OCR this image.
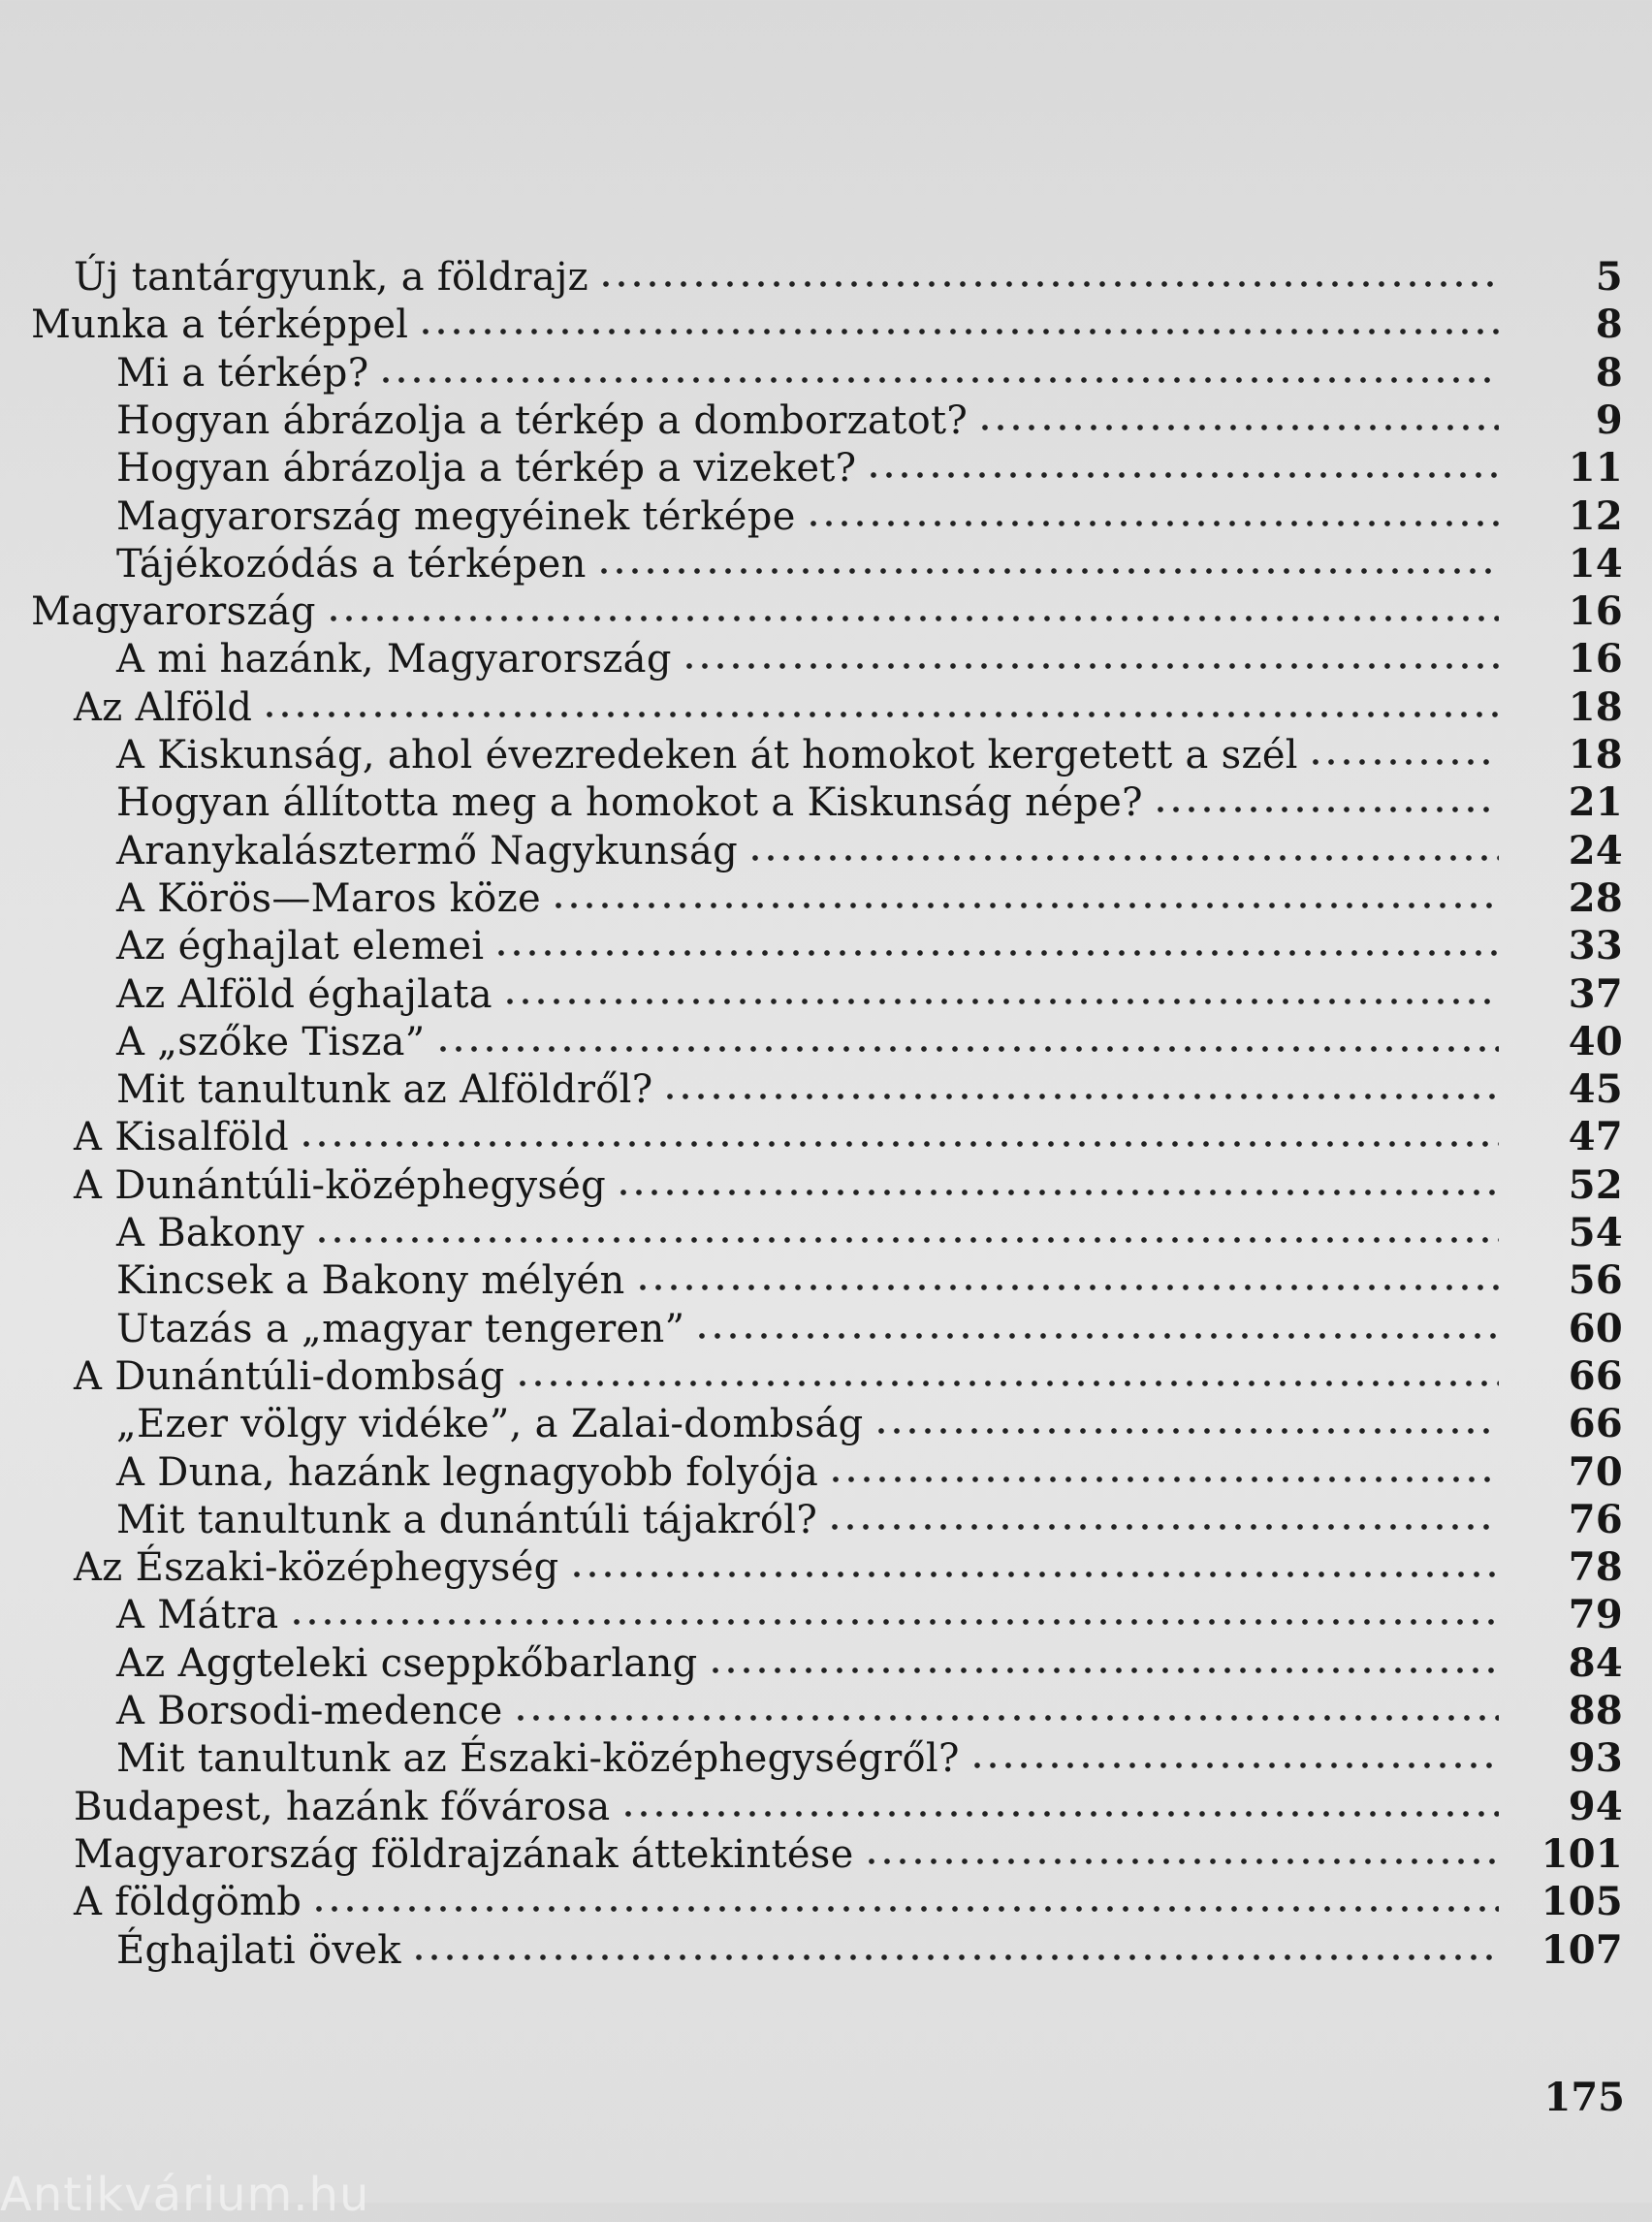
Új tantárgyunk, a földrajz	5
Munka a térképpel	8
Mi a térkép?	8
Hogyan ábrázolja a térkép a domborzatot?	9
Hogyan ábrázolja a térkép a vizeket?	11
Magyarország megyéinek térképe	12
Tájékozódás a térképen	14
Magyarország	16
A mi hazánk, Magyarország	16
Az Alföld	18
A Kiskunság, ahol évezredeken át homokot kergetett a szél	18
Hogyan állította meg a homokot a Kiskunság népe?	21
Aranykalásztermő Nagykunság	24
A Körös—Maros köze	28
Az éghajlat elemei	33
Az Alföld éghajlata	37
A „szőke Tisza”	40
Mit tanultunk az Alföldről?	45
A Kisalföld	47
A Dunántúli-középhegység	52
A Bakony	54
Kincsek a Bakony mélyén	56
Utazás a „magyar tengeren”	60
A Dunántúli-dombság	66
„Ezer völgy vidéke”, a Zalai-dombság	66
A Duna, hazánk legnagyobb folyója	70
Mit tanultunk a dunántúli tájakról?	76
Az Északi-középhegység	78
A Mátra	79
Az Aggteleki cseppkőbarlang	84
A Borsodi-medence	88
Mit tanultunk az Északi-középhegységről?	93
Budapest, hazánk fővárosa	94
Magyarország földrajzának áttekintése	101
A földgömb	105
Éghajlati övek	107
175
Antikvárium.hu
